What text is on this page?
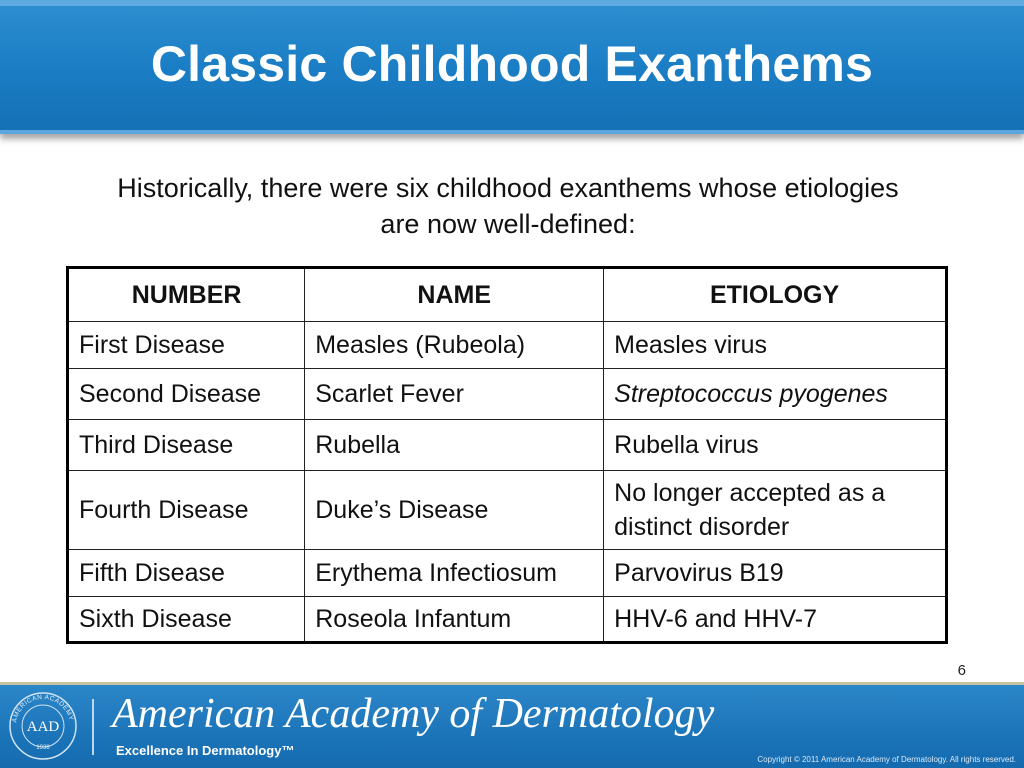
Classic Childhood Exanthems
Historically, there were six childhood exanthems whose etiologies are now well-defined:
NUMBER	NAME	ETIOLOGY
First Disease	Measles (Rubeola)	Measles virus
Second Disease	Scarlet Fever	Streptococcus pyogenes
Third Disease	Rubella	Rubella virus
Fourth Disease	Duke’s Disease	No longer accepted as a distinct disorder
Fifth Disease	Erythema Infectiosum	Parvovirus B19
Sixth Disease	Roseola Infantum	HHV-6 and HHV-7
6
AMERICAN ACADEMY
AAD
1938
American Academy of Dermatology
Excellence In Dermatology™
Copyright © 2011 American Academy of Dermatology. All rights reserved.
